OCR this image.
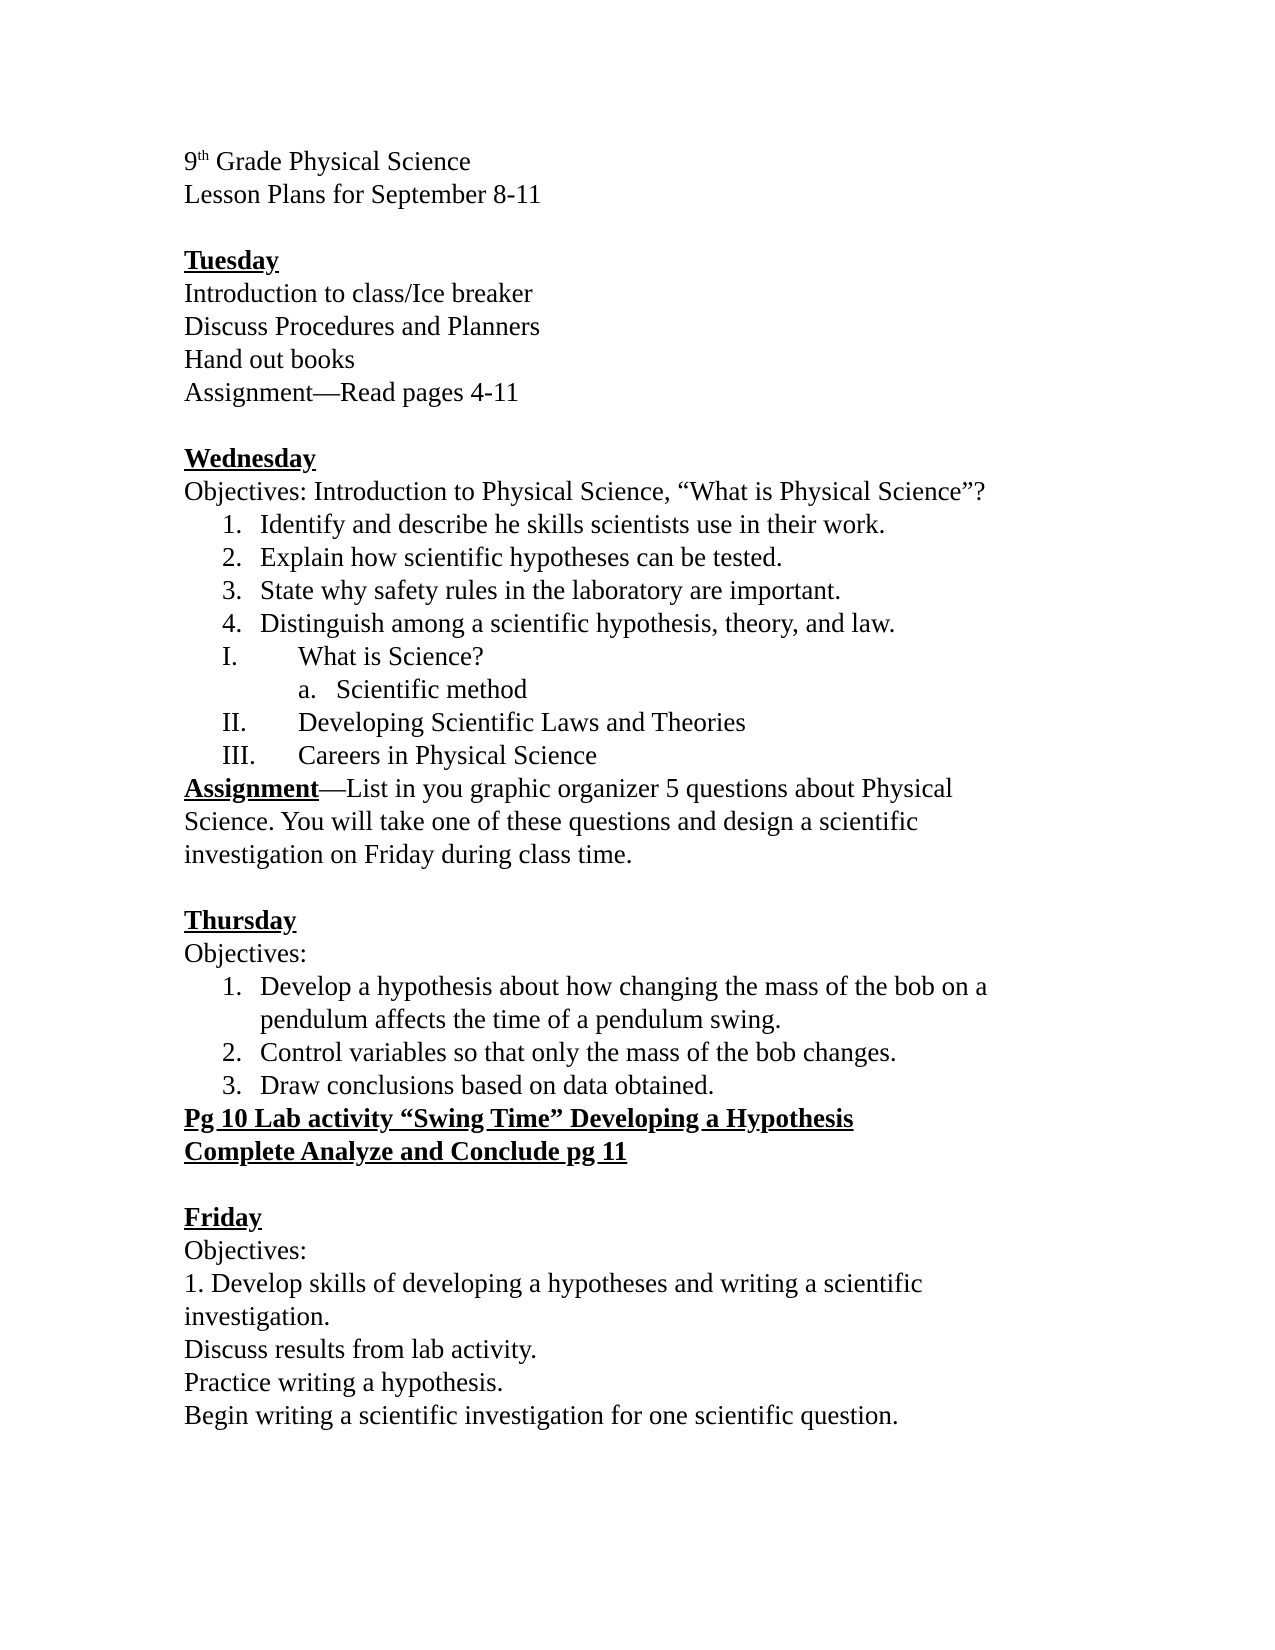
9th Grade Physical Science
Lesson Plans for September 8-11
Tuesday
Introduction to class/Ice breaker
Discuss Procedures and Planners
Hand out books
Assignment—Read pages 4-11
Wednesday
Objectives: Introduction to Physical Science, “What is Physical Science”?
1. Identify and describe he skills scientists use in their work.
2. Explain how scientific hypotheses can be tested.
3. State why safety rules in the laboratory are important.
4. Distinguish among a scientific hypothesis, theory, and law.
I.	What is Science?
a. Scientific method
II.	Developing Scientific Laws and Theories
III.	Careers in Physical Science
Assignment—List in you graphic organizer 5 questions about Physical
Science. You will take one of these questions and design a scientific
investigation on Friday during class time.
Thursday
Objectives:
1. Develop a hypothesis about how changing the mass of the bob on a
pendulum affects the time of a pendulum swing.
2. Control variables so that only the mass of the bob changes.
3. Draw conclusions based on data obtained.
Pg 10 Lab activity “Swing Time” Developing a Hypothesis
Complete Analyze and Conclude pg 11
Friday
Objectives:
1. Develop skills of developing a hypotheses and writing a scientific
investigation.
Discuss results from lab activity.
Practice writing a hypothesis.
Begin writing a scientific investigation for one scientific question.
